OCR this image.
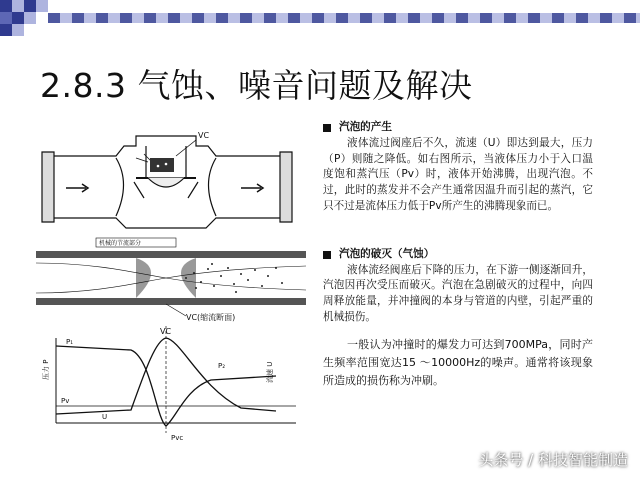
2.8.3 气蚀、噪音问题及解决
VC
机械的节流部分
VC(缩流断面)
VC
P₁
P₂
Pv
U
Pvc
压力 P	流速 U
汽泡的产生

液体流过阀座后不久，流速（U）即达到最大，压力（P）则随之降低。如右图所示，当液体压力小于入口温度饱和蒸汽压（Pv）时，液体开始沸腾，出现汽泡。不过，此时的蒸发并不会产生通常因温升而引起的蒸汽，它只不过是流体压力低于Pv所产生的沸腾现象而已。

汽泡的破灭（气蚀）

液体流经阀座后下降的压力，在下游一侧逐渐回升，汽泡因再次受压而破灭。汽泡在急剧破灭的过程中，向四周释放能量，并冲撞阀的本身与管道的内壁，引起严重的机械损伤。

一般认为冲撞时的爆发力可达到700MPa，同时产生频率范围宽达15 ～10000Hz的噪声。通常将该现象所造成的损伤称为冲刷。

头条号 / 科技智能制造
